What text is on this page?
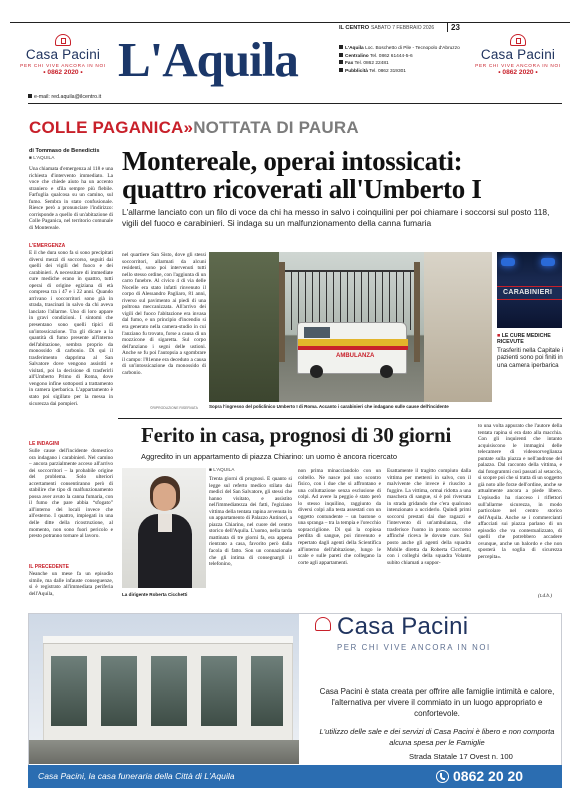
IL CENTRO SABATO 7 FEBBRAIO 2026 23
Casa Pacini
PER CHI VIVE ANCORA IN NOI
• 0862 2020 • L'Aquila	L'Aquila Loc. Boschetto di Pile - Tecnopolo d'Abruzzo
Centralino Tel. 0862 61444-5-6
Fax Tel. 0862 22481
Pubblicità Tel. 0862 319301
Casa Pacini
PER CHI VIVE ANCORA IN NOI
• 0862 2020 •
e-mail: red.aquila@ilcentro.it
COLLE PAGANICA»NOTTATA DI PAURA
di Tommaso de Benedictis
■ L'AQUILA	Montereale, operai intossicati:
quattro ricoverati all'Umberto I
L'allarme lanciato con un filo di voce da chi ha messo in salvo i coinquilini per poi chiamare i soccorsi sul posto 118, vigili del fuoco e carabinieri. Si indaga su un malfunzionamento della canna fumaria
Una chiamata d'emergenza al 118 e una richiesta d'intervento immediato. La voce che chiede aiuto ha un accento straniero e sfila sempre più flebile. Farfuglia qualcosa su un camino, sul fumo. Sembra in stato confusionale. Riesce però a pronunciare l'indirizzo: corrisponde a quello di un'abitazione di Colle Paganica, nel territorio comunale di Montereale.
L'EMERGENZA
E il che dura sono fa si sono precipitati diversi mezzi di soccorso, seguiti dai quelli dei vigili del fuoco e dei carabinieri. A necessitare di immediate cure mediche erano in quattro, tutti operai di origine egiziana di età compresa tra i 47 e i 22 anni. Quando arrivano i soccorritori sono già in strada, trascinati in salvo da chi aveva lanciato l'allarme. Uno di loro appare in gravi condizioni. I sintomi che presentano sono quelli tipici di un'intossicazione. Tra gli dicare a la quantità di fumo presente all'interno dell'abitazione, sembra proprio da monossido di carbonio. Di qui il trasferimento dapprima al San Salvatore dove vengono assistiti e visitati, poi la decisione di trasferirli all'Umberto Primo di Roma, dove vengono infine sottoposti a trattamento in camera iperbarica. L'appartamento è stato poi sigillato per la messa in sicurezza dai pompieri.
LE INDAGINI
Sulle cause dell'incidente domestico ora indagano i carabinieri. Nel camino – ancora parzialmente acceso all'arrivo dei soccorritori – la probabile origine del problema. Solo ulteriori accertamenti consentiranno però di stabilire che tipo di malfunzionamento possa aver avuto la canna fumaria, con il fumo che pare abbia “sfogato” all'interno dei locali invece che all'esterno. I quattro, impiegati in una delle ditte della ricostruzione, al momento, non sono fuori pericolo e presto potranno tornare al lavoro.
IL PRECEDENTE
Neanche un mese fa un episodio simile, ma dalle infauste conseguenze, si è registrato all'immediata periferia dell'Aquila,
nel quartiere San Sisto, dove gli stessi soccorritori, allarmati da alcuni residenti, sono poi intervenuti tutti nello stesso ordine, con l'aggiunta di un carro funebre. Al civico 4 di via delle Nocelle era stato infatti rinvenuto il corpo di Alessandro Pagliaro, 81 anni, riverso sul pavimento ai piedi di una poltrona meccanizzata. All'arrivo dei vigili del fuoco l'abitazione era invasa dal fumo, e un principio d'incendio si era generato nella camera-studio in cui l'anziano fu trovato, forse a causa di un mozzicone di sigaretta. Sul corpo dell'anziano i segni delle ustioni. Anche se fu poi l'autopsia a sgombrare il campo: l'81enne era deceduto a causa di un'intossicazione da monossido di carbonio.
©RIPRODUZIONE RISERVATA
AMBULANZA
Sopra l'ingresso del policlinico Umberto I di Roma. Accanto i carabinieri che indagano sulle cause dell'incidente
CARABINIERI
■ LE CURE MEDICHE RICEVUTE
Trasferiti nella Capitale i pazienti sono poi finiti in una camera iperbarica
Ferito in casa, prognosi di 30 giorni
Aggredito in un appartamento di piazza Chiarino: un uomo è ancora ricercato
La dirigente Roberta Cicchetti
■ L'AQUILA
Trenta giorni di prognosi. È quanto si legge sul referto medico stilato dai medici del San Salvatore, gli stessi che hanno visitato, e assistito nell'immediatezza dei fatti, l'egiziano vittima della tentata rapina avvenuta in un appartamento di Palazzo Antinori, a piazza Chiarino, nel cuore del centro storico dell'Aquila. L'uomo, nella tarda mattinata di tre giorni fa, era appena rientrato a casa, favorito però dalla facola di fatto. Son un connazionale che gli intima di consegnargli il telefonino,
non prima minacciandolo con un coltello. Ne nasce poi uno scontro fisico, con i due che si affrontano e una colluttazione senza esclusione di colpi. Ad avere la peggio è stato però lo stesso inquilino, raggiunto da diversi colpi alla testa assestati con un oggetto contundente – un bastone o una spranga – tra la tempia e l'orecchio sopracciglione. Di qui la copiosa perdita di sangue, poi rinvenuto e repertato dagli agenti della Scientifica all'interno dell'abitazione, lungo le scale e sulle pareti che collegano la corte agli appartamenti.
Esattamente il tragitto compiuto dalla vittima per mettersi in salvo, con il malvivente che invece è riuscito a fuggire. La vittima, ormai ridotta a una maschera di sangue, si è poi riversata in strada gridando che c'era qualcuno intenzionato a ucciderlo. Quindi primi soccorsi prestati dai due ragazzi e l'intervento di un'ambulanza, che trasferisce l'uomo in pronto soccorso affinché riceva le dovute cure. Sul posto anche gli agenti della squadra Mobile diretta da Roberta Cicchetti, con i colleghi della squadra Volante subito chiamati a suppor-
to una volta appurato che l'autore della tentata rapina si era dato alla macchia. Con gli inquirenti che intanto acquisiscono le immagini delle telecamere di videosorveglianza puntate sulla piazza e nell'androne del palazzo. Dal racconto della vittima, e dai fotogrammi così passati al setaccio, si scopre poi che si tratta di un soggetto già noto alle forze dell'ordine, anche se attualmente ancora a piede libero. L'episodio ha riacceso i riflettori sull'allarme sicurezza, in modo particolare nel centro storico dell'Aquila. Anche se i commercianti affacciati sui piazza parlano di un episodio che va contestualizzato, di quelli che potrebbero accadere ovunque, anche un balordo e che non sposterà la soglia di sicurezza percepita».
(t.d.b.)
Casa Pacini
PER CHI VIVE ANCORA IN NOI
Casa Pacini è stata creata per offrire alle famiglie intimità e calore, l'alternativa per vivere il commiato in un luogo appropriato e confortevole.
L'utilizzo delle sale e dei servizi di Casa Pacini è libero e non comporta alcuna spesa per le Famiglie
Strada Statale 17 Ovest n. 100
Casa Pacini, la casa funeraria della Città di L'Aquila	0862 20 20
